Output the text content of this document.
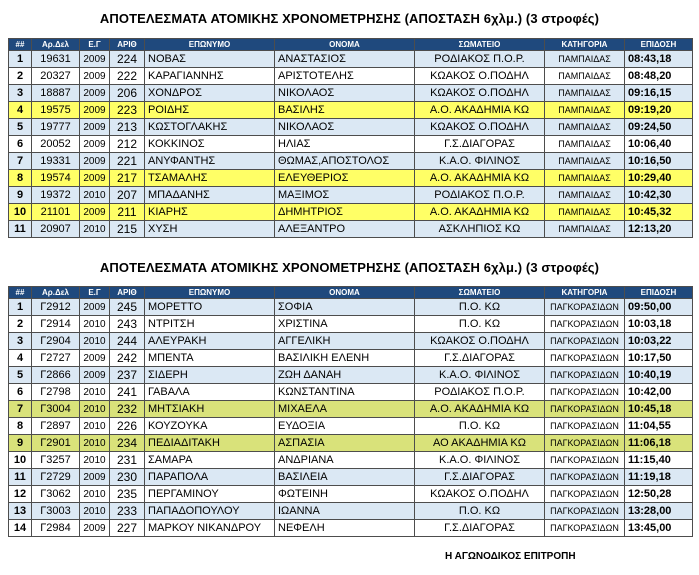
ΑΠΟΤΕΛΕΣΜΑΤΑ ΑΤΟΜΙΚΗΣ ΧΡΟΝΟΜΕΤΡΗΣΗΣ (ΑΠΟΣΤΑΣΗ 6χλμ.) (3 στροφές)
##	Αρ.Δελ	Ε.Γ	ΑΡΙΘ	ΕΠΩΝΥΜΟ	ΟΝΟΜΑ	ΣΩΜΑΤΕΙΟ	ΚΑΤΗΓΟΡΙΑ	ΕΠΙΔΟΣΗ
1	19631	2009	224	ΝΟΒΑΣ	ΑΝΑΣΤΑΣΙΟΣ	ΡΟΔΙΑΚΟΣ Π.Ο.Ρ.	ΠΑΜΠΑΙΔΑΣ	08:43,18
2	20327	2009	222	ΚΑΡΑΓΙΑΝΝΗΣ	ΑΡΙΣΤΟΤΕΛΗΣ	ΚΩΑΚΟΣ Ο.ΠΟΔΗΛ	ΠΑΜΠΑΙΔΑΣ	08:48,20
3	18887	2009	206	ΧΟΝΔΡΟΣ	ΝΙΚΟΛΑΟΣ	ΚΩΑΚΟΣ Ο.ΠΟΔΗΛ	ΠΑΜΠΑΙΔΑΣ	09:16,15
4	19575	2009	223	ΡΟΙΔΗΣ	ΒΑΣΙΛΗΣ	Α.Ο. ΑΚΑΔΗΜΙΑ ΚΩ	ΠΑΜΠΑΙΔΑΣ	09:19,20
5	19777	2009	213	ΚΩΣΤΟΓΛΑΚΗΣ	ΝΙΚΟΛΑΟΣ	ΚΩΑΚΟΣ Ο.ΠΟΔΗΛ	ΠΑΜΠΑΙΔΑΣ	09:24,50
6	20052	2009	212	ΚΟΚΚΙΝΟΣ	ΗΛΙΑΣ	Γ.Σ.ΔΙΑΓΟΡΑΣ	ΠΑΜΠΑΙΔΑΣ	10:06,40
7	19331	2009	221	ΑΝΥΦΑΝΤΗΣ	ΘΩΜΑΣ,ΑΠΟΣΤΟΛΟΣ	Κ.Α.Ο. ΦΙΛΙΝΟΣ	ΠΑΜΠΑΙΔΑΣ	10:16,50
8	19574	2009	217	ΤΣΑΜΑΛΗΣ	ΕΛΕΥΘΕΡΙΟΣ	Α.Ο. ΑΚΑΔΗΜΙΑ ΚΩ	ΠΑΜΠΑΙΔΑΣ	10:29,40
9	19372	2010	207	ΜΠΑΔΑΝΗΣ	ΜΑΞΙΜΟΣ	ΡΟΔΙΑΚΟΣ Π.Ο.Ρ.	ΠΑΜΠΑΙΔΑΣ	10:42,30
10	21101	2009	211	ΚΙΑΡΗΣ	ΔΗΜΗΤΡΙΟΣ	Α.Ο. ΑΚΑΔΗΜΙΑ ΚΩ	ΠΑΜΠΑΙΔΑΣ	10:45,32
11	20907	2010	215	ΧΥΣΗ	ΑΛΕΞΑΝΤΡΟ	ΑΣΚΛΗΠΙΟΣ ΚΩ	ΠΑΜΠΑΙΔΑΣ	12:13,20
ΑΠΟΤΕΛΕΣΜΑΤΑ ΑΤΟΜΙΚΗΣ ΧΡΟΝΟΜΕΤΡΗΣΗΣ (ΑΠΟΣΤΑΣΗ 6χλμ.) (3 στροφές)
##	Αρ.Δελ	Ε.Γ	ΑΡΙΘ	ΕΠΩΝΥΜΟ	ΟΝΟΜΑ	ΣΩΜΑΤΕΙΟ	ΚΑΤΗΓΟΡΙΑ	ΕΠΙΔΟΣΗ
1	Γ2912	2009	245	ΜΟΡΕΤΤΟ	ΣΟΦΙΑ	Π.Ο. ΚΩ	ΠΑΓΚΟΡΑΣΙΔΩΝ	09:50,00
2	Γ2914	2010	243	ΝΤΡΙΤΣΗ	ΧΡΙΣΤΙΝΑ	Π.Ο. ΚΩ	ΠΑΓΚΟΡΑΣΙΔΩΝ	10:03,18
3	Γ2904	2010	244	ΑΛΕΥΡΑΚΗ	ΑΓΓΕΛΙΚΗ	ΚΩΑΚΟΣ Ο.ΠΟΔΗΛ	ΠΑΓΚΟΡΑΣΙΔΩΝ	10:03,22
4	Γ2727	2009	242	ΜΠΕΝΤΑ	ΒΑΣΙΛΙΚΗ ΕΛΕΝΗ	Γ.Σ.ΔΙΑΓΟΡΑΣ	ΠΑΓΚΟΡΑΣΙΔΩΝ	10:17,50
5	Γ2866	2009	237	ΣΙΔΕΡΗ	ΖΩΗ ΔΑΝΑΗ	Κ.Α.Ο. ΦΙΛΙΝΟΣ	ΠΑΓΚΟΡΑΣΙΔΩΝ	10:40,19
6	Γ2798	2010	241	ΓΑΒΑΛΑ	ΚΩΝΣΤΑΝΤΙΝΑ	ΡΟΔΙΑΚΟΣ Π.Ο.Ρ.	ΠΑΓΚΟΡΑΣΙΔΩΝ	10:42,00
7	Γ3004	2010	232	ΜΗΤΣΙΑΚΗ	ΜΙΧΑΕΛΑ	Α.Ο. ΑΚΑΔΗΜΙΑ ΚΩ	ΠΑΓΚΟΡΑΣΙΔΩΝ	10:45,18
8	Γ2897	2010	226	ΚΟΥΖΟΥΚΑ	ΕΥΔΟΞΙΑ	Π.Ο. ΚΩ	ΠΑΓΚΟΡΑΣΙΔΩΝ	11:04,55
9	Γ2901	2010	234	ΠΕΔΙΑΔΙΤΑΚΗ	ΑΣΠΑΣΙΑ	ΑΟ ΑΚΑΔΗΜΙΑ ΚΩ	ΠΑΓΚΟΡΑΣΙΔΩΝ	11:06,18
10	Γ3257	2010	231	ΣΑΜΑΡΑ	ΑΝΔΡΙΑΝΑ	Κ.Α.Ο. ΦΙΛΙΝΟΣ	ΠΑΓΚΟΡΑΣΙΔΩΝ	11:15,40
11	Γ2729	2009	230	ΠΑΡΑΠΟΛΑ	ΒΑΣΙΛΕΙΑ	Γ.Σ.ΔΙΑΓΟΡΑΣ	ΠΑΓΚΟΡΑΣΙΔΩΝ	11:19,18
12	Γ3062	2010	235	ΠΕΡΓΑΜΙΝΟΥ	ΦΩΤΕΙΝΗ	ΚΩΑΚΟΣ Ο.ΠΟΔΗΛ	ΠΑΓΚΟΡΑΣΙΔΩΝ	12:50,28
13	Γ3003	2010	233	ΠΑΠΑΔΟΠΟΥΛΟΥ	ΙΩΑΝΝΑ	Π.Ο. ΚΩ	ΠΑΓΚΟΡΑΣΙΔΩΝ	13:28,00
14	Γ2984	2009	227	ΜΑΡΚΟΥ ΝΙΚΑΝΔΡΟΥ	ΝΕΦΕΛΗ	Γ.Σ.ΔΙΑΓΟΡΑΣ	ΠΑΓΚΟΡΑΣΙΔΩΝ	13:45,00
Η ΑΓΩΝΟΔΙΚΟΣ ΕΠΙΤΡΟΠΗ
